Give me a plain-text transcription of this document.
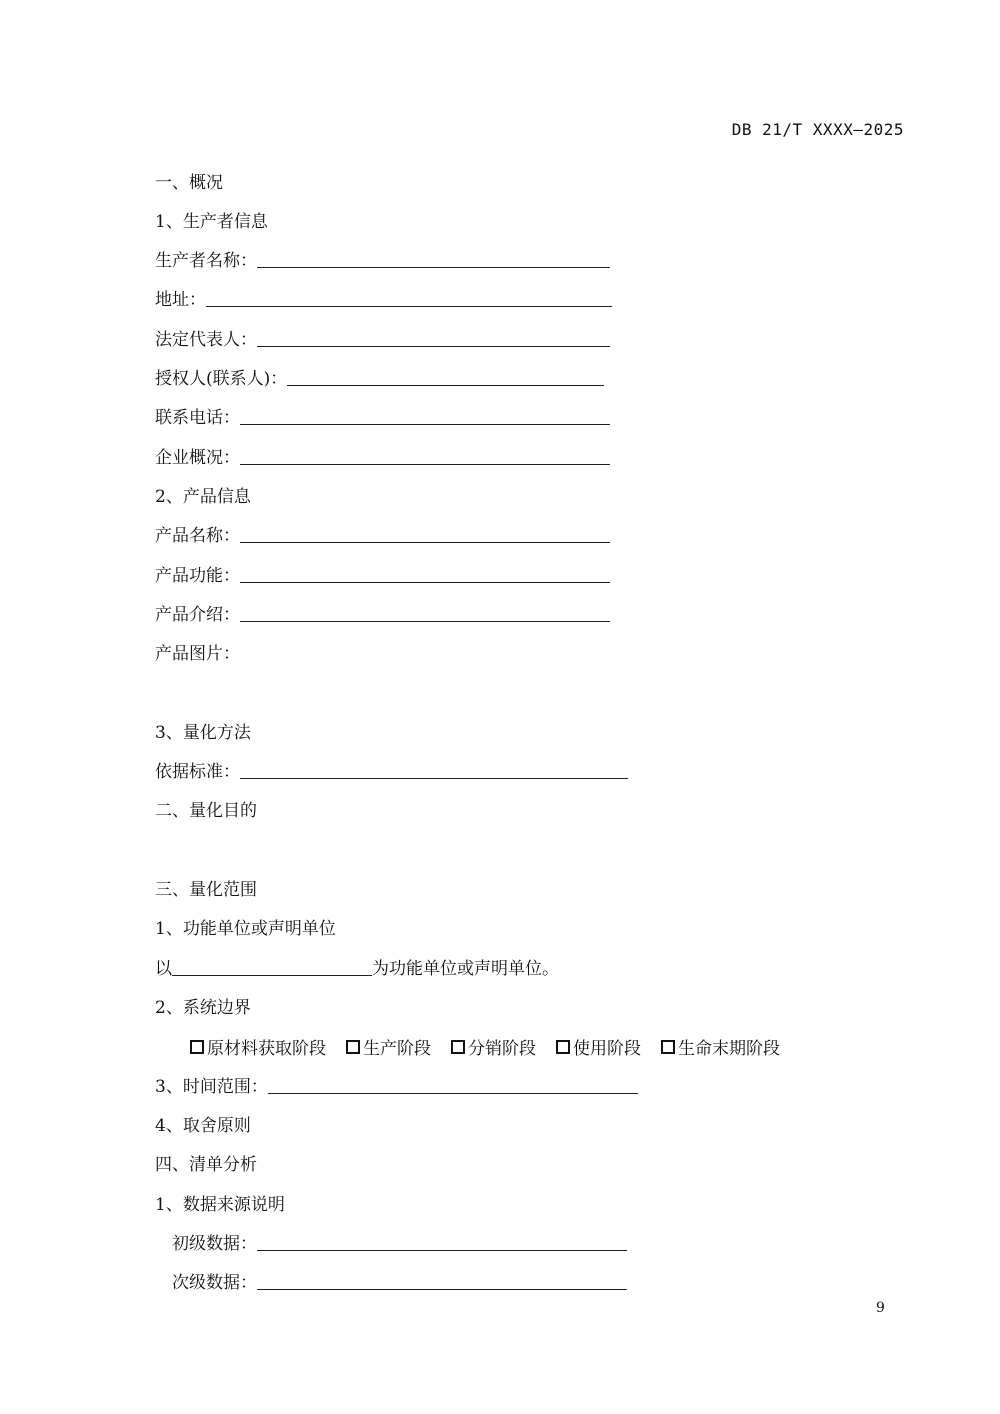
DB 21/T XXXX—2025
一、概况
1、生产者信息
生产者名称：
地址：
法定代表人：
授权人(联系人)：
联系电话：
企业概况：
2、产品信息
产品名称：
产品功能：
产品介绍：
产品图片：
3、量化方法
依据标准：
二、量化目的
三、量化范围
1、功能单位或声明单位
以	为功能单位或声明单位。
2、系统边界
原材料获取阶段 生产阶段 分销阶段 使用阶段 生命末期阶段
3、时间范围：
4、取舍原则
四、清单分析
1、数据来源说明
初级数据：
次级数据：
9
